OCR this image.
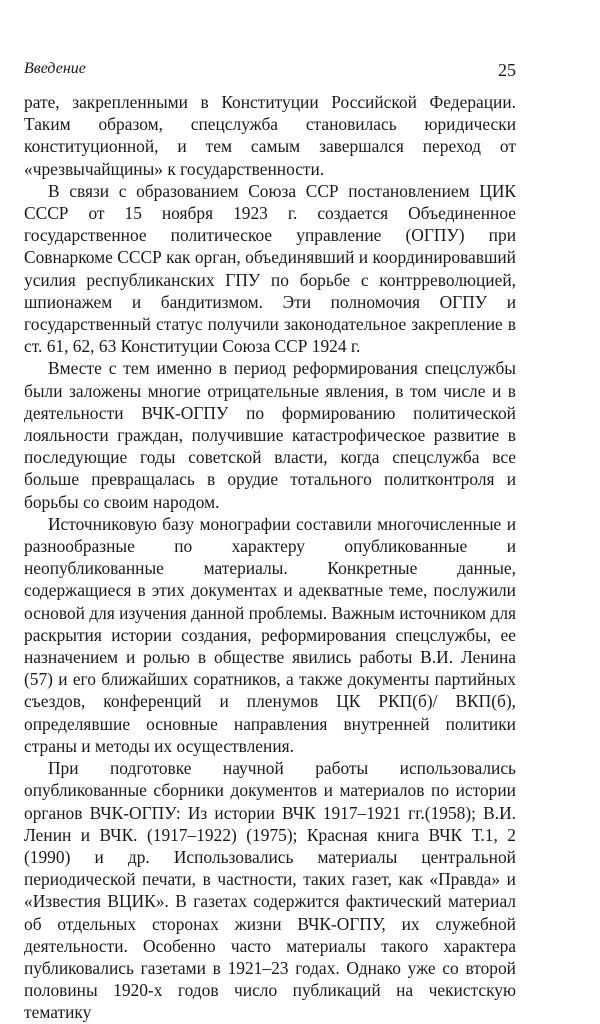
Введение	25

рате, закрепленными в Конституции Российской Федерации. Таким образом, спецслужба становилась юридически конституционной, и тем самым завершался переход от «чрезвычайщины» к государственности.

В связи с образованием Союза ССР постановлением ЦИК СССР от 15 ноября 1923 г. создается Объединенное государственное политическое управление (ОГПУ) при Совнаркоме СССР как орган, объединявший и координировавший усилия республиканских ГПУ по борьбе с контрреволюцией, шпионажем и бандитизмом. Эти полномочия ОГПУ и государственный статус получили законодательное закрепление в ст. 61, 62, 63 Конституции Союза ССР 1924 г.

Вместе с тем именно в период реформирования спецслужбы были заложены многие отрицательные явления, в том числе и в деятельности ВЧК-ОГПУ по формированию политической лояльности граждан, получившие катастрофическое развитие в последующие годы советской власти, когда спецслужба все больше превращалась в орудие тотального политконтроля и борьбы со своим народом.

Источниковую базу монографии составили многочисленные и разнообразные по характеру опубликованные и неопубликованные материалы. Конкретные данные, содержащиеся в этих документах и адекватные теме, послужили основой для изучения данной проблемы. Важным источником для раскрытия истории создания, реформирования спецслужбы, ее назначением и ролью в обществе явились работы В.И. Ленина (57) и его ближайших соратников, а также документы партийных съездов, конференций и пленумов ЦК РКП(б)/ ВКП(б), определявшие основные направления внутренней политики страны и методы их осуществления.

При подготовке научной работы использовались опубликованные сборники документов и материалов по истории органов ВЧК-ОГПУ: Из истории ВЧК 1917–1921 гг.(1958); В.И. Ленин и ВЧК. (1917–1922) (1975); Красная книга ВЧК Т.1, 2 (1990) и др. Использовались материалы центральной периодической печати, в частности, таких газет, как «Правда» и «Известия ВЦИК». В газетах содержится фактический материал об отдельных сторонах жизни ВЧК-ОГПУ, их служебной деятельности. Особенно часто материалы такого характера публиковались газетами в 1921–23 годах. Однако уже со второй половины 1920-х годов число публикаций на чекистскую тематику
